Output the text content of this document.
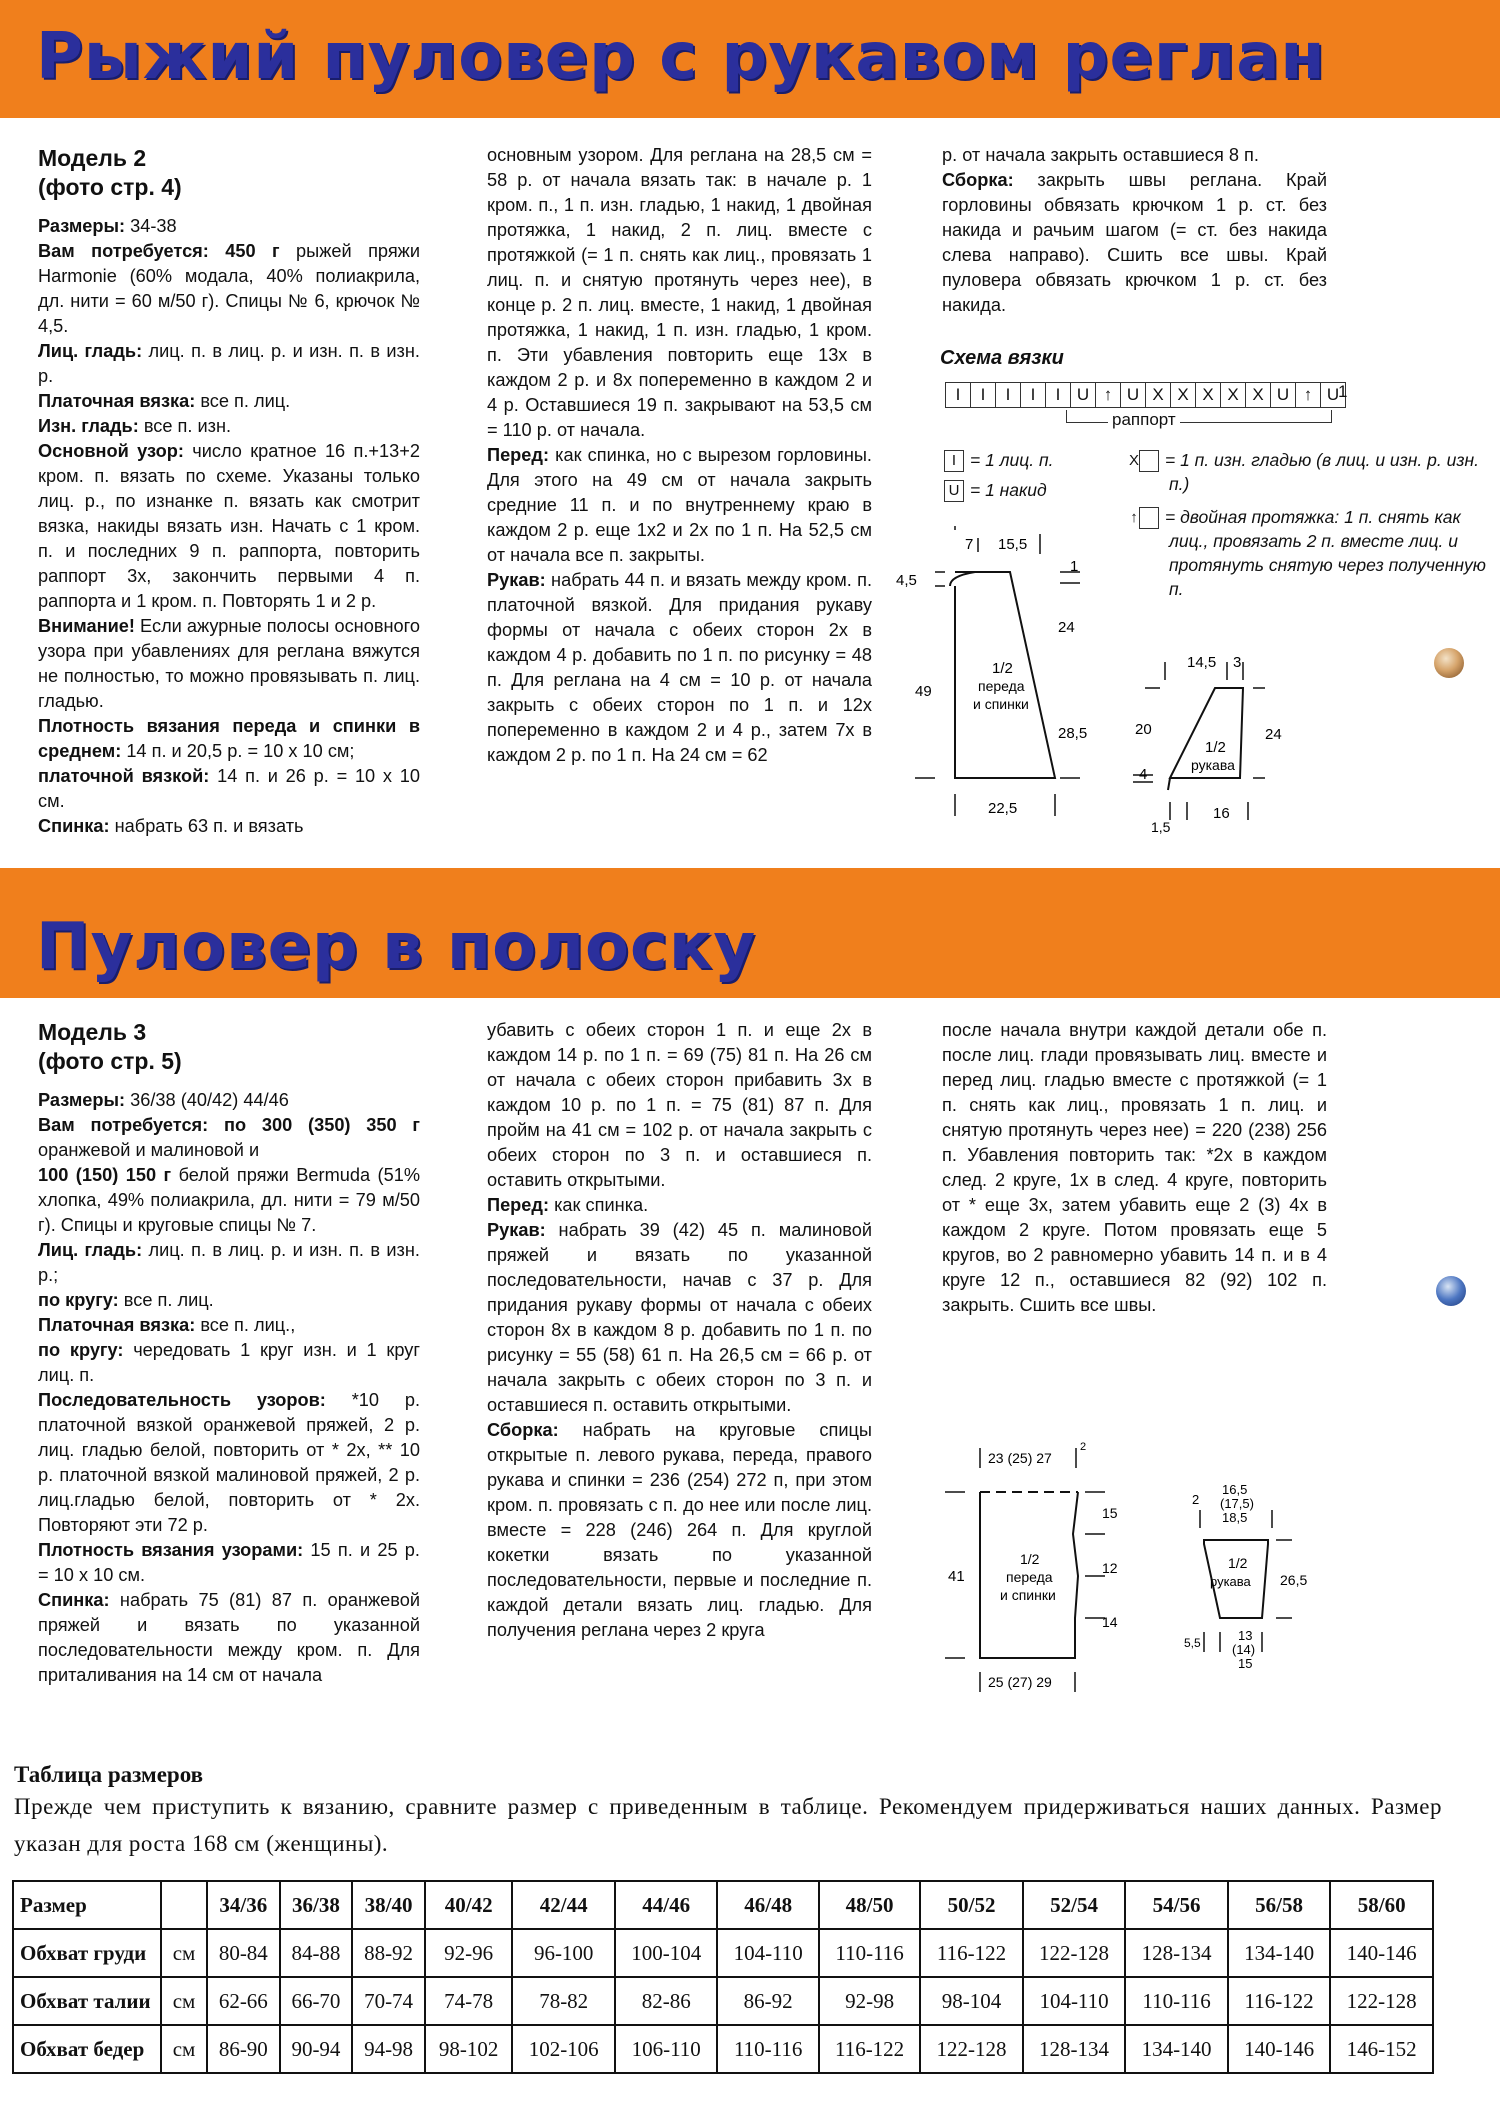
Рыжий пуловер с рукавом реглан
Модель 2
(фото стр. 4)

Размеры: 34-38

Вам потребуется: 450 г рыжей пряжи Harmonie (60% модала, 40% полиакрила, дл. нити = 60 м/50 г). Спицы № 6, крючок № 4,5.

Лиц. гладь: лиц. п. в лиц. р. и изн. п. в изн. р.

Платочная вязка: все п. лиц.

Изн. гладь: все п. изн.

Основной узор: число кратное 16 п.+13+2 кром. п. вязать по схеме. Указаны только лиц. р., по изнанке п. вязать как смотрит вязка, накиды вязать изн. Начать с 1 кром. п. и последних 9 п. раппорта, повторить раппорт 3х, закончить первыми 4 п. раппорта и 1 кром. п. Повторять 1 и 2 р.

Внимание! Если ажурные полосы основного узора при убавлениях для реглана вяжутся не полностью, то можно провязывать п. лиц. гладью.

Плотность вязания переда и спинки в среднем: 14 п. и 20,5 р. = 10 х 10 см;

платочной вязкой: 14 п. и 26 р. = 10 х 10 см.

Спинка: набрать 63 п. и вязать

основным узором. Для реглана на 28,5 см = 58 р. от начала вязать так: в начале р. 1 кром. п., 1 п. изн. гладью, 1 накид, 1 двойная протяжка, 1 накид, 2 п. лиц. вместе с протяжкой (= 1 п. снять как лиц., провязать 1 лиц. п. и снятую протянуть через нее), в конце р. 2 п. лиц. вместе, 1 накид, 1 двойная протяжка, 1 накид, 1 п. изн. гладью, 1 кром. п. Эти убавления повторить еще 13х в каждом 2 р. и 8х попеременно в каждом 2 и 4 р. Оставшиеся 19 п. закрывают на 53,5 см = 110 р. от начала.

Перед: как спинка, но с вырезом горловины. Для этого на 49 см от начала закрыть средние 11 п. и по внутреннему краю в каждом 2 р. еще 1х2 и 2х по 1 п. На 52,5 см от начала все п. закрыты.

Рукав: набрать 44 п. и вязать между кром. п. платочной вязкой. Для придания рукаву формы от начала с обеих сторон 2х в каждом 4 р. добавить по 1 п. по рисунку = 48 п. Для реглана на 4 см = 10 р. от начала закрыть с обеих сторон по 1 п. и 12х попеременно в каждом 2 и 4 р., затем 7х в каждом 2 р. по 1 п. На 24 см = 62

р. от начала закрыть оставшиеся 8 п.

Сборка: закрыть швы реглана. Край горловины обвязать крючком 1 р. ст. без накида и рачьим шагом (= ст. без накида слева направо). Сшить все швы. Край пуловера обвязать крючком 1 р. ст. без накида.

Схема вязки
I	I	I	I	I U ↑ U X X X X X U ↑ U
1
раппорт
I = 1 лиц. п.
U = 1 накид
X = 1 п. изн. гладью (в лиц. и изн. р. изн. п.)
↑ = двойная протяжка: 1 п. снять как лиц., провязать 2 п. вместе лиц. и протянуть снятую через полученную п.
7 15,5
4,5
1
24
28,5
49
1/2
переда
и спинки
22,5
14,5 3
20
4
24
1/2
рукава
1,5
16
Пуловер в полоску
Модель 3
(фото стр. 5)

Размеры: 36/38 (40/42) 44/46

Вам потребуется: по 300 (350) 350 г оранжевой и малиновой и

100 (150) 150 г белой пряжи Bermuda (51% хлопка, 49% полиакрила, дл. нити = 79 м/50 г). Спицы и круговые спицы № 7.

Лиц. гладь: лиц. п. в лиц. р. и изн. п. в изн. р.;

по кругу: все п. лиц.

Платочная вязка: все п. лиц.,

по кругу: чередовать 1 круг изн. и 1 круг лиц. п.

Последовательность узоров: *10 р. платочной вязкой оранжевой пряжей, 2 р. лиц. гладью белой, повторить от * 2х, ** 10 р. платочной вязкой малиновой пряжей, 2 р. лиц.гладью белой, повторить от * 2х. Повторяют эти 72 р.

Плотность вязания узорами: 15 п. и 25 р. = 10 х 10 см.

Спинка: набрать 75 (81) 87 п. оранжевой пряжей и вязать по указанной последовательности между кром. п. Для приталивания на 14 см от начала

убавить с обеих сторон 1 п. и еще 2х в каждом 14 р. по 1 п. = 69 (75) 81 п. На 26 см от начала с обеих сторон прибавить 3х в каждом 10 р. по 1 п. = 75 (81) 87 п. Для пройм на 41 см = 102 р. от начала закрыть с обеих сторон по 3 п. и оставшиеся п. оставить открытыми.

Перед: как спинка.

Рукав: набрать 39 (42) 45 п. малиновой пряжей и вязать по указанной последовательности, начав с 37 р. Для придания рукаву формы от начала с обеих сторон 8х в каждом 8 р. добавить по 1 п. по рисунку = 55 (58) 61 п. На 26,5 см = 66 р. от начала закрыть с обеих сторон по 3 п. и оставшиеся п. оставить открытыми.

Сборка: набрать на круговые спицы открытые п. левого рукава, переда, правого рукава и спинки = 236 (254) 272 п, при этом кром. п. провязать с п. до нее или после лиц. вместе = 228 (246) 264 п. Для круглой кокетки вязать по указанной последовательности, первые и последние п. каждой детали вязать лиц. гладью. Для получения реглана через 2 круга

после начала внутри каждой детали обе п. после лиц. глади провязывать лиц. вместе и перед лиц. гладью вместе с протяжкой (= 1 п. снять как лиц., провязать 1 п. лиц. и снятую протянуть через нее) = 220 (238) 256 п. Убавления повторить так: *2х в каждом след. 2 круге, 1х в след. 4 круге, повторить от * еще 3х, затем убавить еще 2 (3) 4х в каждом 2 круге. Потом провязать еще 5 кругов, во 2 равномерно убавить 14 п. и в 4 круге 12 п., оставшиеся 82 (92) 102 п. закрыть. Сшить все швы.

23 (25) 27
2
41
15
12
14
1/2
переда
и спинки
25 (27) 29
16,5
(17,5)
18,5
2
26,5
1/2
рукава
5,5	13
(14)
15
Таблица размеров
Прежде чем приступить к вязанию, сравните размер с приведенным в таблице. Рекомендуем придерживаться наших данных. Размер указан для роста 168 см (женщины).
Размер		34/36	36/38	38/40	40/42	42/44	44/46	46/48	48/50	50/52	52/54	54/56	56/58	58/60
Обхват груди	см	80-84	84-88	88-92	92-96	96-100	100-104	104-110	110-116	116-122	122-128	128-134	134-140	140-146
Обхват талии	см	62-66	66-70	70-74	74-78	78-82	82-86	86-92	92-98	98-104	104-110	110-116	116-122	122-128
Обхват бедер	см	86-90	90-94	94-98	98-102	102-106	106-110	110-116	116-122	122-128	128-134	134-140	140-146	146-152
